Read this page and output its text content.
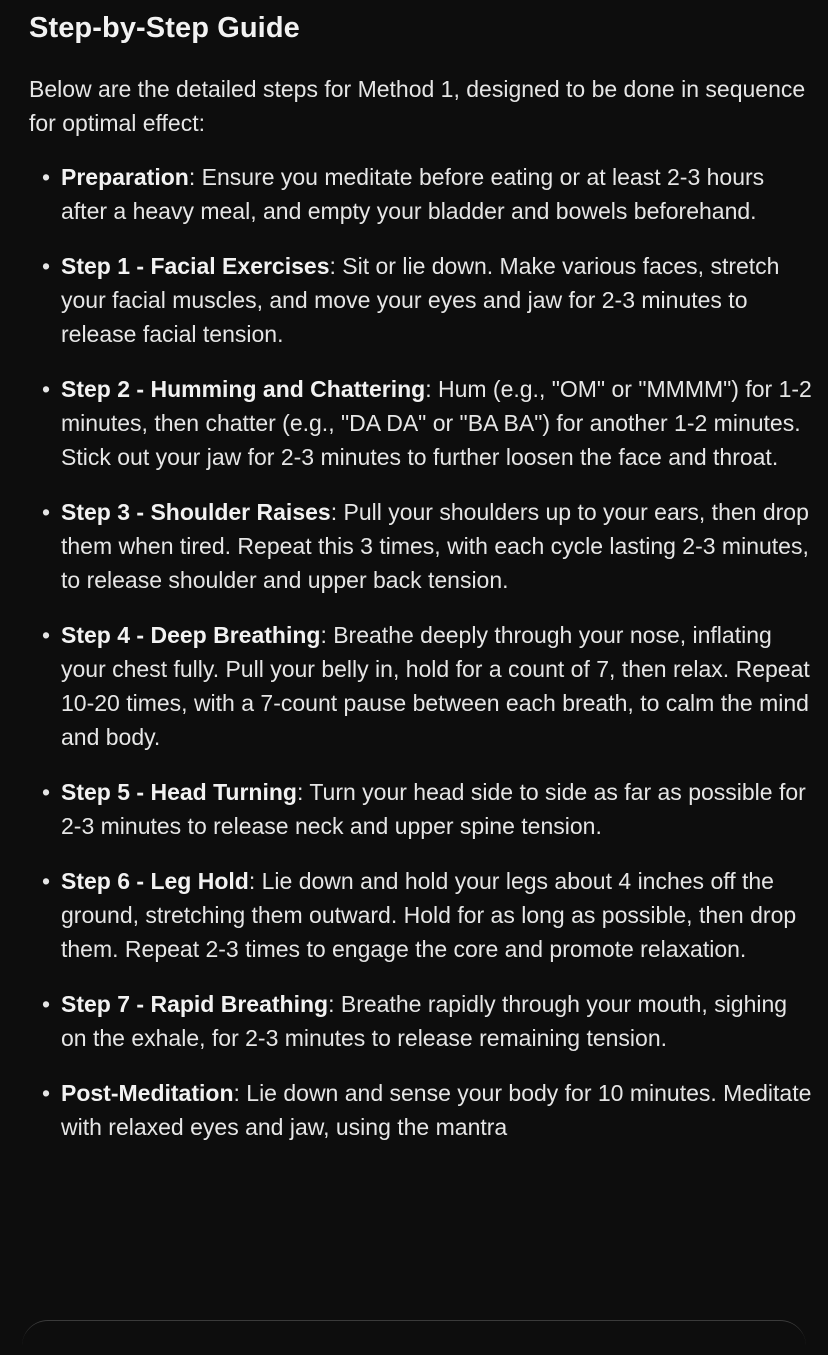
Step-by-Step Guide

Below are the detailed steps for Method 1, designed to be done in sequence for optimal effect:

• Preparation: Ensure you meditate before eating or at least 2-3 hours after a heavy meal, and empty your bladder and bowels beforehand.
• Step 1 - Facial Exercises: Sit or lie down. Make various faces, stretch your facial muscles, and move your eyes and jaw for 2-3 minutes to release facial tension.
• Step 2 - Humming and Chattering: Hum (e.g., "OM" or "MMMM") for 1-2 minutes, then chatter (e.g., "DA DA" or "BA BA") for another 1-2 minutes. Stick out your jaw for 2-3 minutes to further loosen the face and throat.
• Step 3 - Shoulder Raises: Pull your shoulders up to your ears, then drop them when tired. Repeat this 3 times, with each cycle lasting 2-3 minutes, to release shoulder and upper back tension.
• Step 4 - Deep Breathing: Breathe deeply through your nose, inflating your chest fully. Pull your belly in, hold for a count of 7, then relax. Repeat 10-20 times, with a 7-count pause between each breath, to calm the mind and body.
• Step 5 - Head Turning: Turn your head side to side as far as possible for 2-3 minutes to release neck and upper spine tension.
• Step 6 - Leg Hold: Lie down and hold your legs about 4 inches off the ground, stretching them outward. Hold for as long as possible, then drop them. Repeat 2-3 times to engage the core and promote relaxation.
• Step 7 - Rapid Breathing: Breathe rapidly through your mouth, sighing on the exhale, for 2-3 minutes to release remaining tension.
• Post-Meditation: Lie down and sense your body for 10 minutes. Meditate with relaxed eyes and jaw, using the mantra
